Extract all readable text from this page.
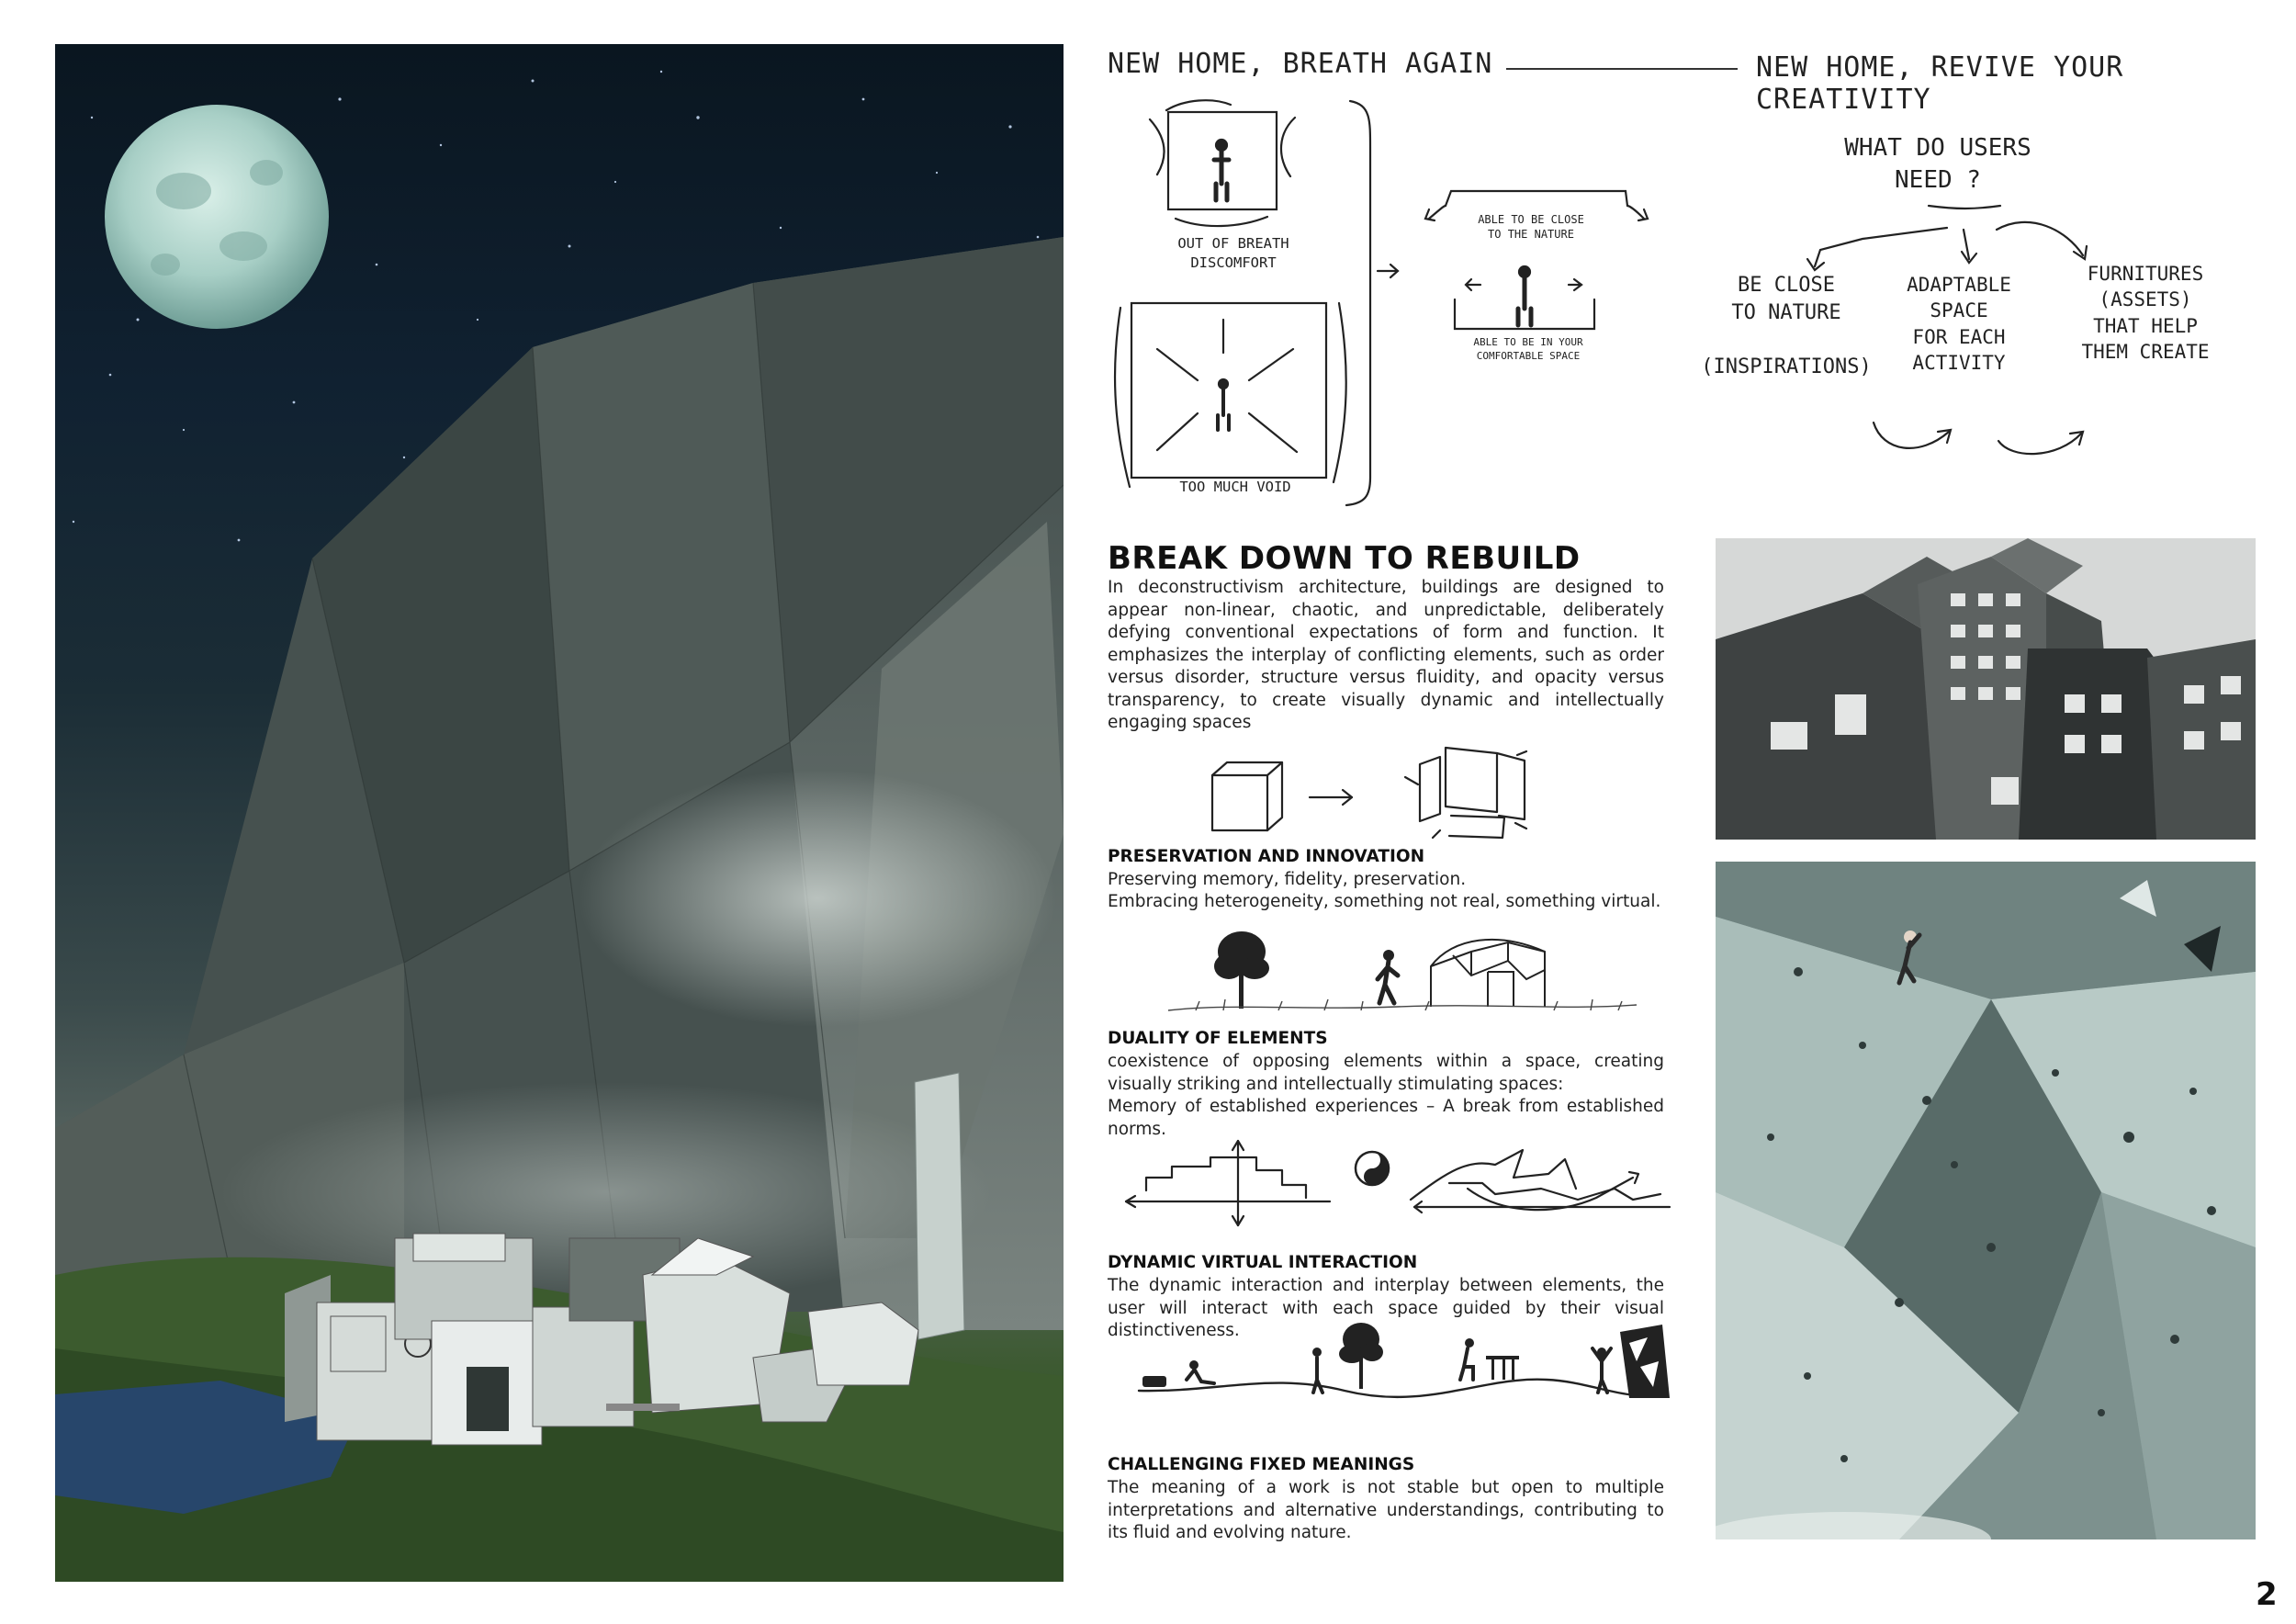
NEW HOME, BREATH AGAIN	NEW HOME, REVIVE YOUR CREATIVITY
OUT OF BREATH
DISCOMFORT
TOO MUCH VOID
ABLE TO BE CLOSE
TO THE NATURE
ABLE TO BE IN YOUR
COMFORTABLE SPACE
WHAT DO USERS
NEED ?
BE CLOSE
TO NATURE

(INSPIRATIONS)
ADAPTABLE
SPACE
FOR EACH
ACTIVITY
FURNITURES
(ASSETS)
THAT HELP
THEM CREATE
BREAK DOWN TO REBUILD
In deconstructivism architecture, buildings are designed to appear non-linear, chaotic, and unpredictable, deliberately defying conventional expectations of form and function. It emphasizes the interplay of conflicting elements, such as order versus disorder, structure versus fluidity, and opacity versus transparency, to create visually dynamic and intellectually engaging spaces
PRESERVATION AND INNOVATION
Preserving memory, fidelity, preservation.
Embracing heterogeneity, something not real, something virtual.
DUALITY OF ELEMENTS
coexistence of opposing elements within a space, creating visually striking and intellectually stimulating spaces:
Memory of established experiences – A break from established norms.
DYNAMIC VIRTUAL INTERACTION
The dynamic interaction and interplay between elements, the user will interact with each space guided by their visual distinctiveness.
CHALLENGING FIXED MEANINGS
The meaning of a work is not stable but open to multiple interpretations and alternative understandings, contributing to its fluid and evolving nature.
2
